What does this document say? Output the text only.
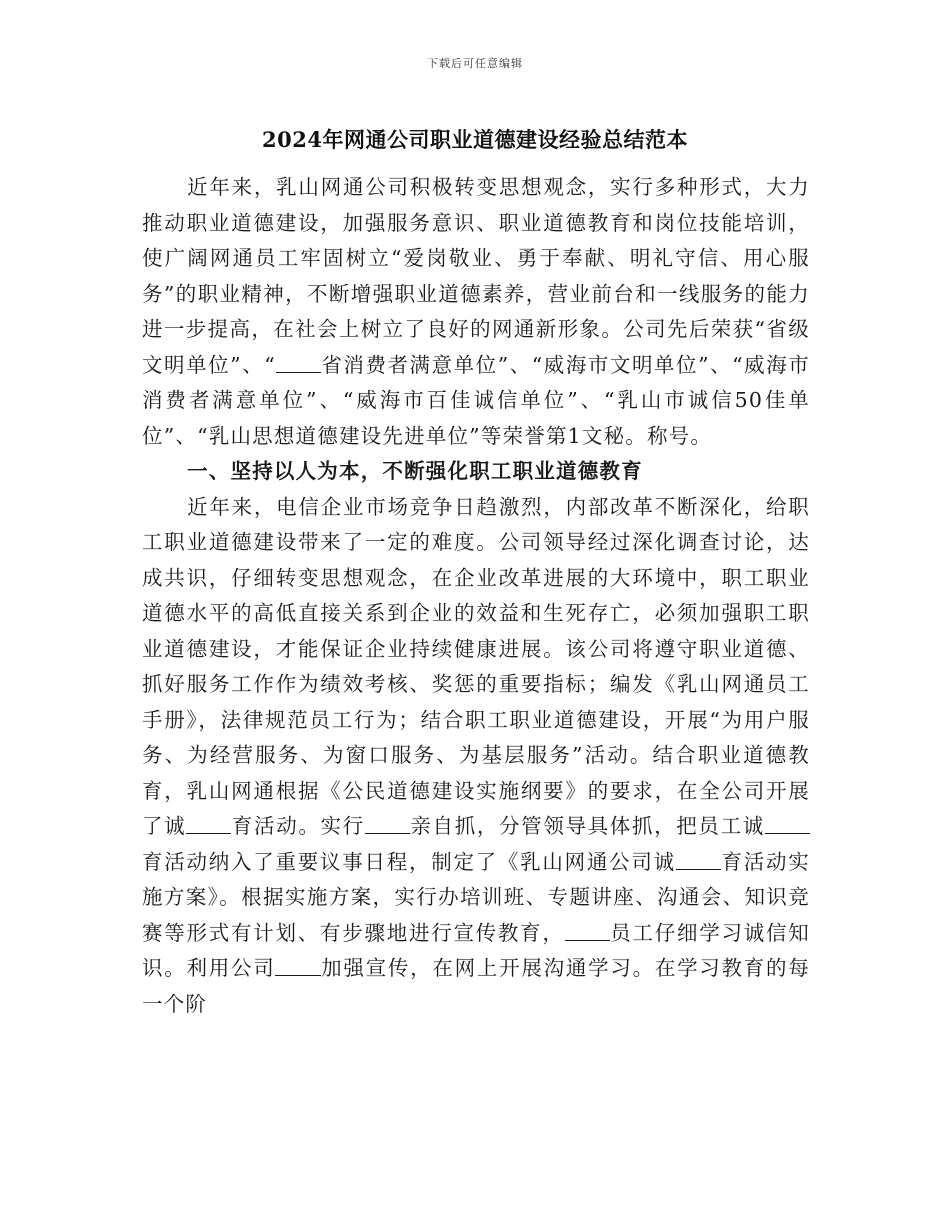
下载后可任意编辑
2024年网通公司职业道德建设经验总结范本

近年来，乳山网通公司积极转变思想观念，实行多种形式，大力推动职业道德建设，加强服务意识、职业道德教育和岗位技能培训，使广阔网通员工牢固树立“爱岗敬业、勇于奉献、明礼守信、用心服务”的职业精神，不断增强职业道德素养，营业前台和一线服务的能力进一步提高，在社会上树立了良好的网通新形象。公司先后荣获“省级文明单位”、“ 省消费者满意单位”、“威海市文明单位”、“威海市消费者满意单位”、“威海市百佳诚信单位”、“乳山市诚信50佳单位”、“乳山思想道德建设先进单位”等荣誉第1文秘。称号。

一、坚持以人为本，不断强化职工职业道德教育

近年来，电信企业市场竞争日趋激烈，内部改革不断深化，给职工职业道德建设带来了一定的难度。公司领导经过深化调查讨论，达成共识，仔细转变思想观念，在企业改革进展的大环境中，职工职业道德水平的高低直接关系到企业的效益和生死存亡，必须加强职工职业道德建设，才能保证企业持续健康进展。该公司将遵守职业道德、抓好服务工作作为绩效考核、奖惩的重要指标；编发《乳山网通员工手册》，法律规范员工行为；结合职工职业道德建设，开展“为用户服务、为经营服务、为窗口服务、为基层服务”活动。结合职业道德教育，乳山网通根据《公民道德建设实施纲要》的要求，在全公司开展了诚 育活动。实行 亲自抓，分管领导具体抓，把员工诚育活动纳入了重要议事日程，制定了《乳山网通公司诚 育活动实施方案》。根据实施方案，实行办培训班、专题讲座、沟通会、知识竞赛等形式有计划、有步骤地进行宣传教育， 员工仔细学习诚信知识。利用公司 加强宣传，在网上开展沟通学习。在学习教育的每一个阶
